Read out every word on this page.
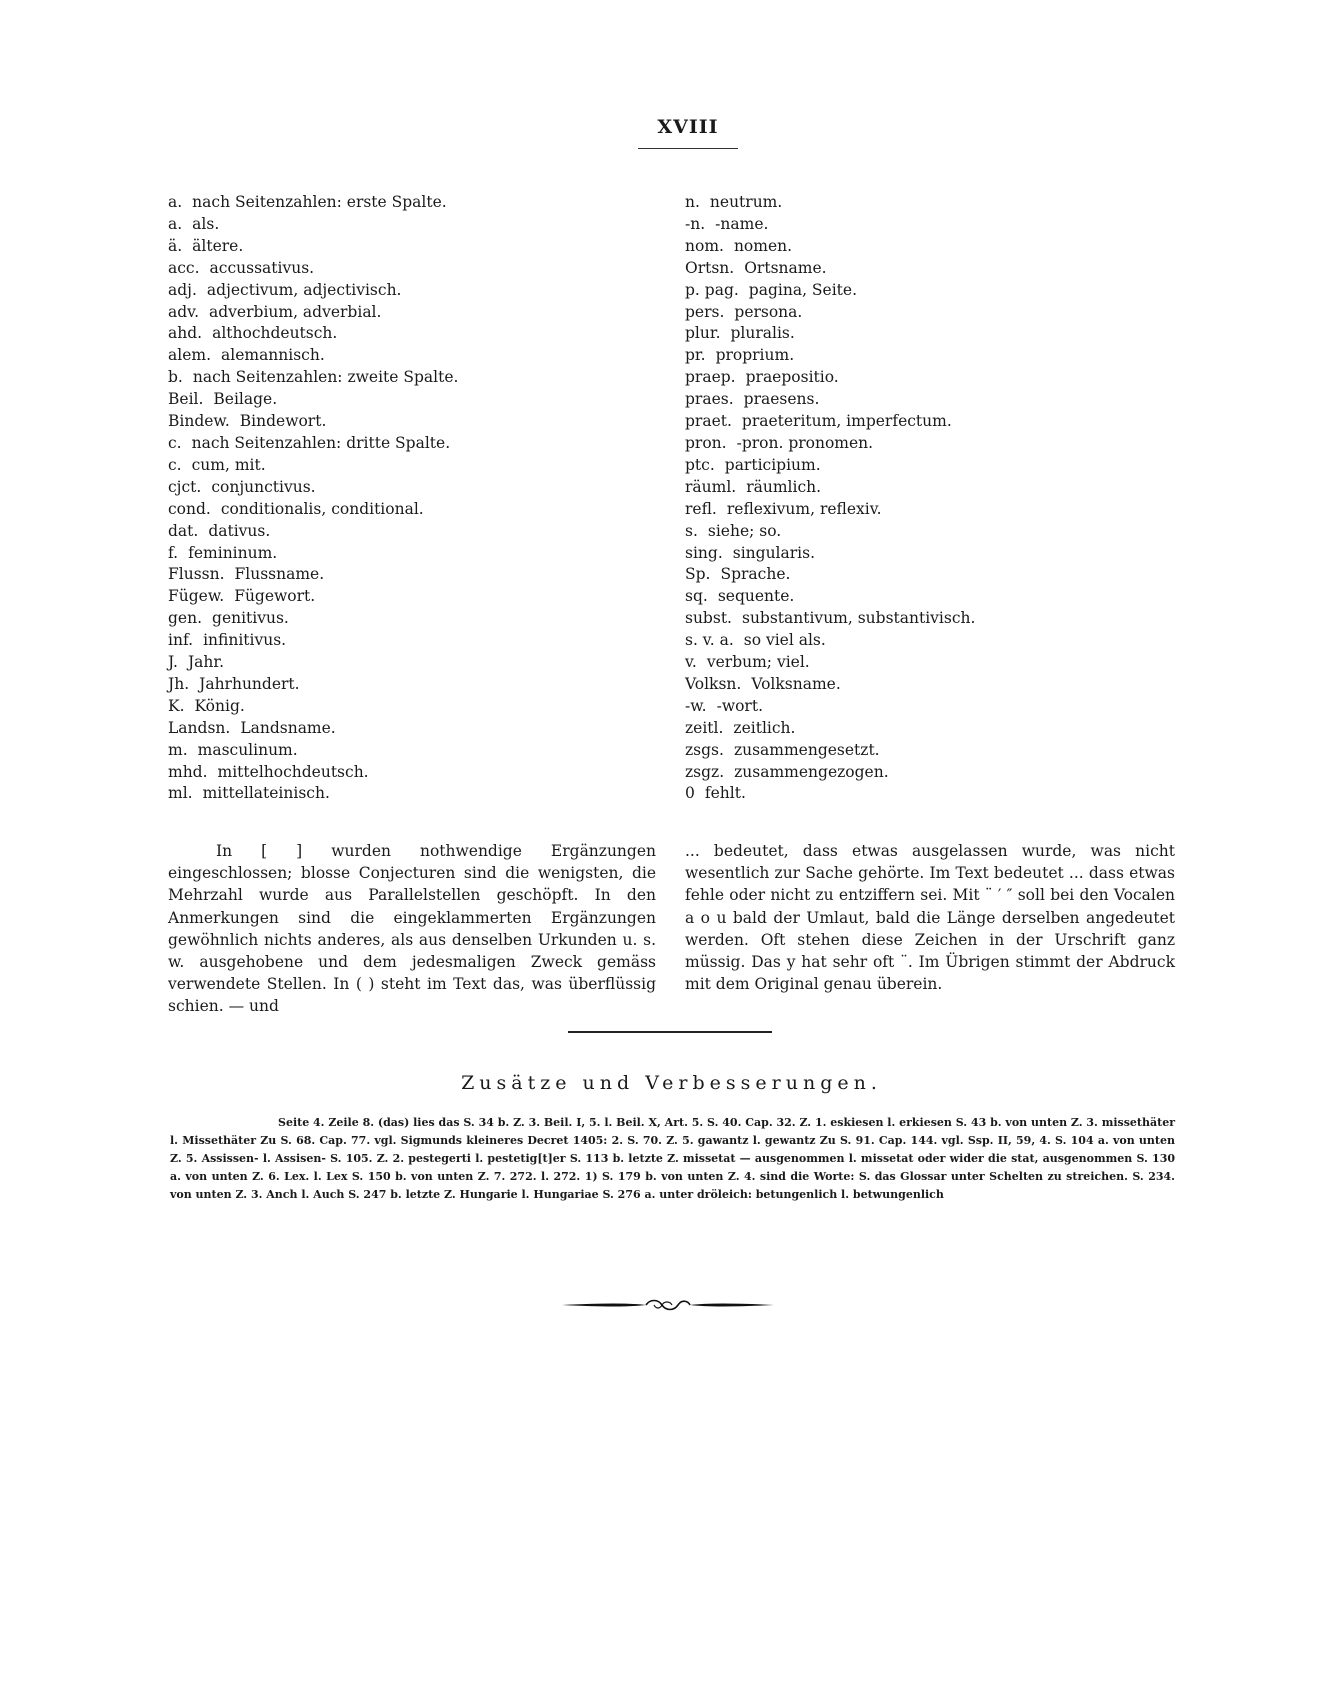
XVIII
a. nach Seitenzahlen: erste Spalte.
a. als.
ä. ältere.
acc. accussativus.
adj. adjectivum, adjectivisch.
adv. adverbium, adverbial.
ahd. althochdeutsch.
alem. alemannisch.
b. nach Seitenzahlen: zweite Spalte.
Beil. Beilage.
Bindew. Bindewort.
c. nach Seitenzahlen: dritte Spalte.
c. cum, mit.
cjct. conjunctivus.
cond. conditionalis, conditional.
dat. dativus.
f. femininum.
Flussn. Flussname.
Fügew. Fügewort.
gen. genitivus.
inf. infinitivus.
J. Jahr.
Jh. Jahrhundert.
K. König.
Landsn. Landsname.
m. masculinum.
mhd. mittelhochdeutsch.
ml. mittellateinisch.
n. neutrum.
-n. -name.
nom. nomen.
Ortsn. Ortsname.
p. pag. pagina, Seite.
pers. persona.
plur. pluralis.
pr. proprium.
praep. praepositio.
praes. praesens.
praet. praeteritum, imperfectum.
pron. -pron. pronomen.
ptc. participium.
räuml. räumlich.
refl. reflexivum, reflexiv.
s. siehe; so.
sing. singularis.
Sp. Sprache.
sq. sequente.
subst. substantivum, substantivisch.
s. v. a. so viel als.
v. verbum; viel.
Volksn. Volksname.
-w. -wort.
zeitl. zeitlich.
zsgs. zusammengesetzt.
zsgz. zusammengezogen.
0 fehlt.

In [ ] wurden nothwendige Ergänzungen eingeschlossen; blosse Conjecturen sind die wenigsten, die Mehrzahl wurde aus Parallelstellen geschöpft. In den Anmerkungen sind die eingeklammerten Ergänzungen gewöhnlich nichts anderes, als aus denselben Urkunden u. s. w. ausgehobene und dem jedesmaligen Zweck gemäss verwendete Stellen. In ( ) steht im Text das, was überflüssig schien. — und

... bedeutet, dass etwas ausgelassen wurde, was nicht wesentlich zur Sache gehörte. Im Text bedeutet ... dass etwas fehle oder nicht zu entziffern sei. Mit ¨ ′ ″ soll bei den Vocalen a o u bald der Umlaut, bald die Länge derselben angedeutet werden. Oft stehen diese Zeichen in der Urschrift ganz müssig. Das y hat sehr oft ¨. Im Übrigen stimmt der Abdruck mit dem Original genau überein.

Zusätze und Verbesserungen.

Seite 4. Zeile 8. (das) lies das S. 34 b. Z. 3. Beil. I, 5. l. Beil. X, Art. 5. S. 40. Cap. 32. Z. 1. eskiesen l. erkiesen S. 43 b. von unten Z. 3. missethäter l. Missethäter Zu S. 68. Cap. 77. vgl. Sigmunds kleineres Decret 1405: 2. S. 70. Z. 5. gawantz l. gewantz Zu S. 91. Cap. 144. vgl. Ssp. II, 59, 4. S. 104 a. von unten Z. 5. Assissen- l. Assisen- S. 105. Z. 2. pestegerti l. pestetig[t]er S. 113 b. letzte Z. missetat — ausgenommen l. missetat oder wider die stat, ausgenommen S. 130 a. von unten Z. 6. Lex. l. Lex S. 150 b. von unten Z. 7. 272. l. 272. 1) S. 179 b. von unten Z. 4. sind die Worte: S. das Glossar unter Schelten zu streichen. S. 234. von unten Z. 3. Anch l. Auch S. 247 b. letzte Z. Hungarie l. Hungariae S. 276 a. unter dröleich: betungenlich l. betwungenlich
